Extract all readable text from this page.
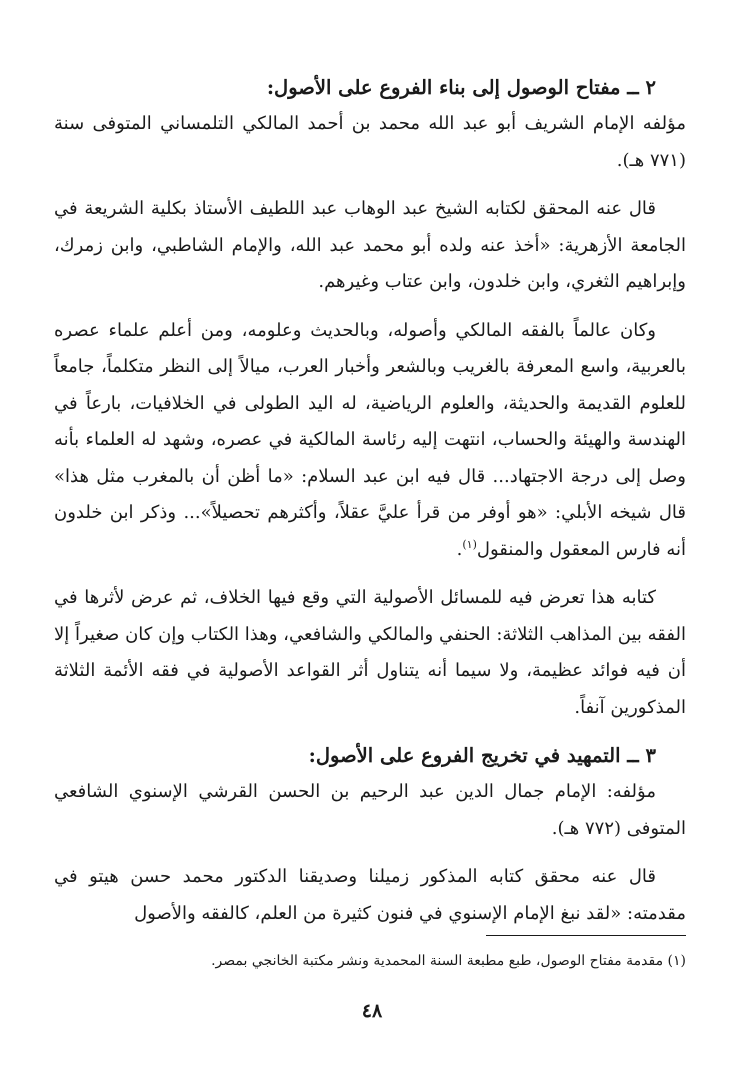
٢ ــ مفتاح الوصول إلى بناء الفروع على الأصول:

مؤلفه الإمام الشريف أبو عبد الله محمد بن أحمد المالكي التلمساني المتوفى سنة (٧٧١ هـ).

قال عنه المحقق لكتابه الشيخ عبد الوهاب عبد اللطيف الأستاذ بكلية الشريعة في الجامعة الأزهرية: «أخذ عنه ولده أبو محمد عبد الله، والإمام الشاطبي، وابن زمرك، وإبراهيم الثغري، وابن خلدون، وابن عتاب وغيرهم.

وكان عالماً بالفقه المالكي وأصوله، وبالحديث وعلومه، ومن أعلم علماء عصره بالعربية، واسع المعرفة بالغريب وبالشعر وأخبار العرب، ميالاً إلى النظر متكلماً، جامعاً للعلوم القديمة والحديثة، والعلوم الرياضية، له اليد الطولى في الخلافيات، بارعاً في الهندسة والهيئة والحساب، انتهت إليه رئاسة المالكية في عصره، وشهد له العلماء بأنه وصل إلى درجة الاجتهاد... قال فيه ابن عبد السلام: «ما أظن أن بالمغرب مثل هذا» قال شيخه الأبلي: «هو أوفر من قرأ عليَّ عقلاً، وأكثرهم تحصيلاً»... وذكر ابن خلدون أنه فارس المعقول والمنقول$^{(١)}$.

كتابه هذا تعرض فيه للمسائل الأصولية التي وقع فيها الخلاف، ثم عرض لأثرها في الفقه بين المذاهب الثلاثة: الحنفي والمالكي والشافعي، وهذا الكتاب وإن كان صغيراً إلا أن فيه فوائد عظيمة، ولا سيما أنه يتناول أثر القواعد الأصولية في فقه الأئمة الثلاثة المذكورين آنفاً.

٣ ــ التمهيد في تخريج الفروع على الأصول:

مؤلفه: الإمام جمال الدين عبد الرحيم بن الحسن القرشي الإسنوي الشافعي المتوفى (٧٧٢ هـ).

قال عنه محقق كتابه المذكور زميلنا وصديقنا الدكتور محمد حسن هيتو في مقدمته: «لقد نبغ الإمام الإسنوي في فنون كثيرة من العلم، كالفقه والأصول

(١) مقدمة مفتاح الوصول، طبع مطبعة السنة المحمدية ونشر مكتبة الخانجي بمصر.
٤٨
